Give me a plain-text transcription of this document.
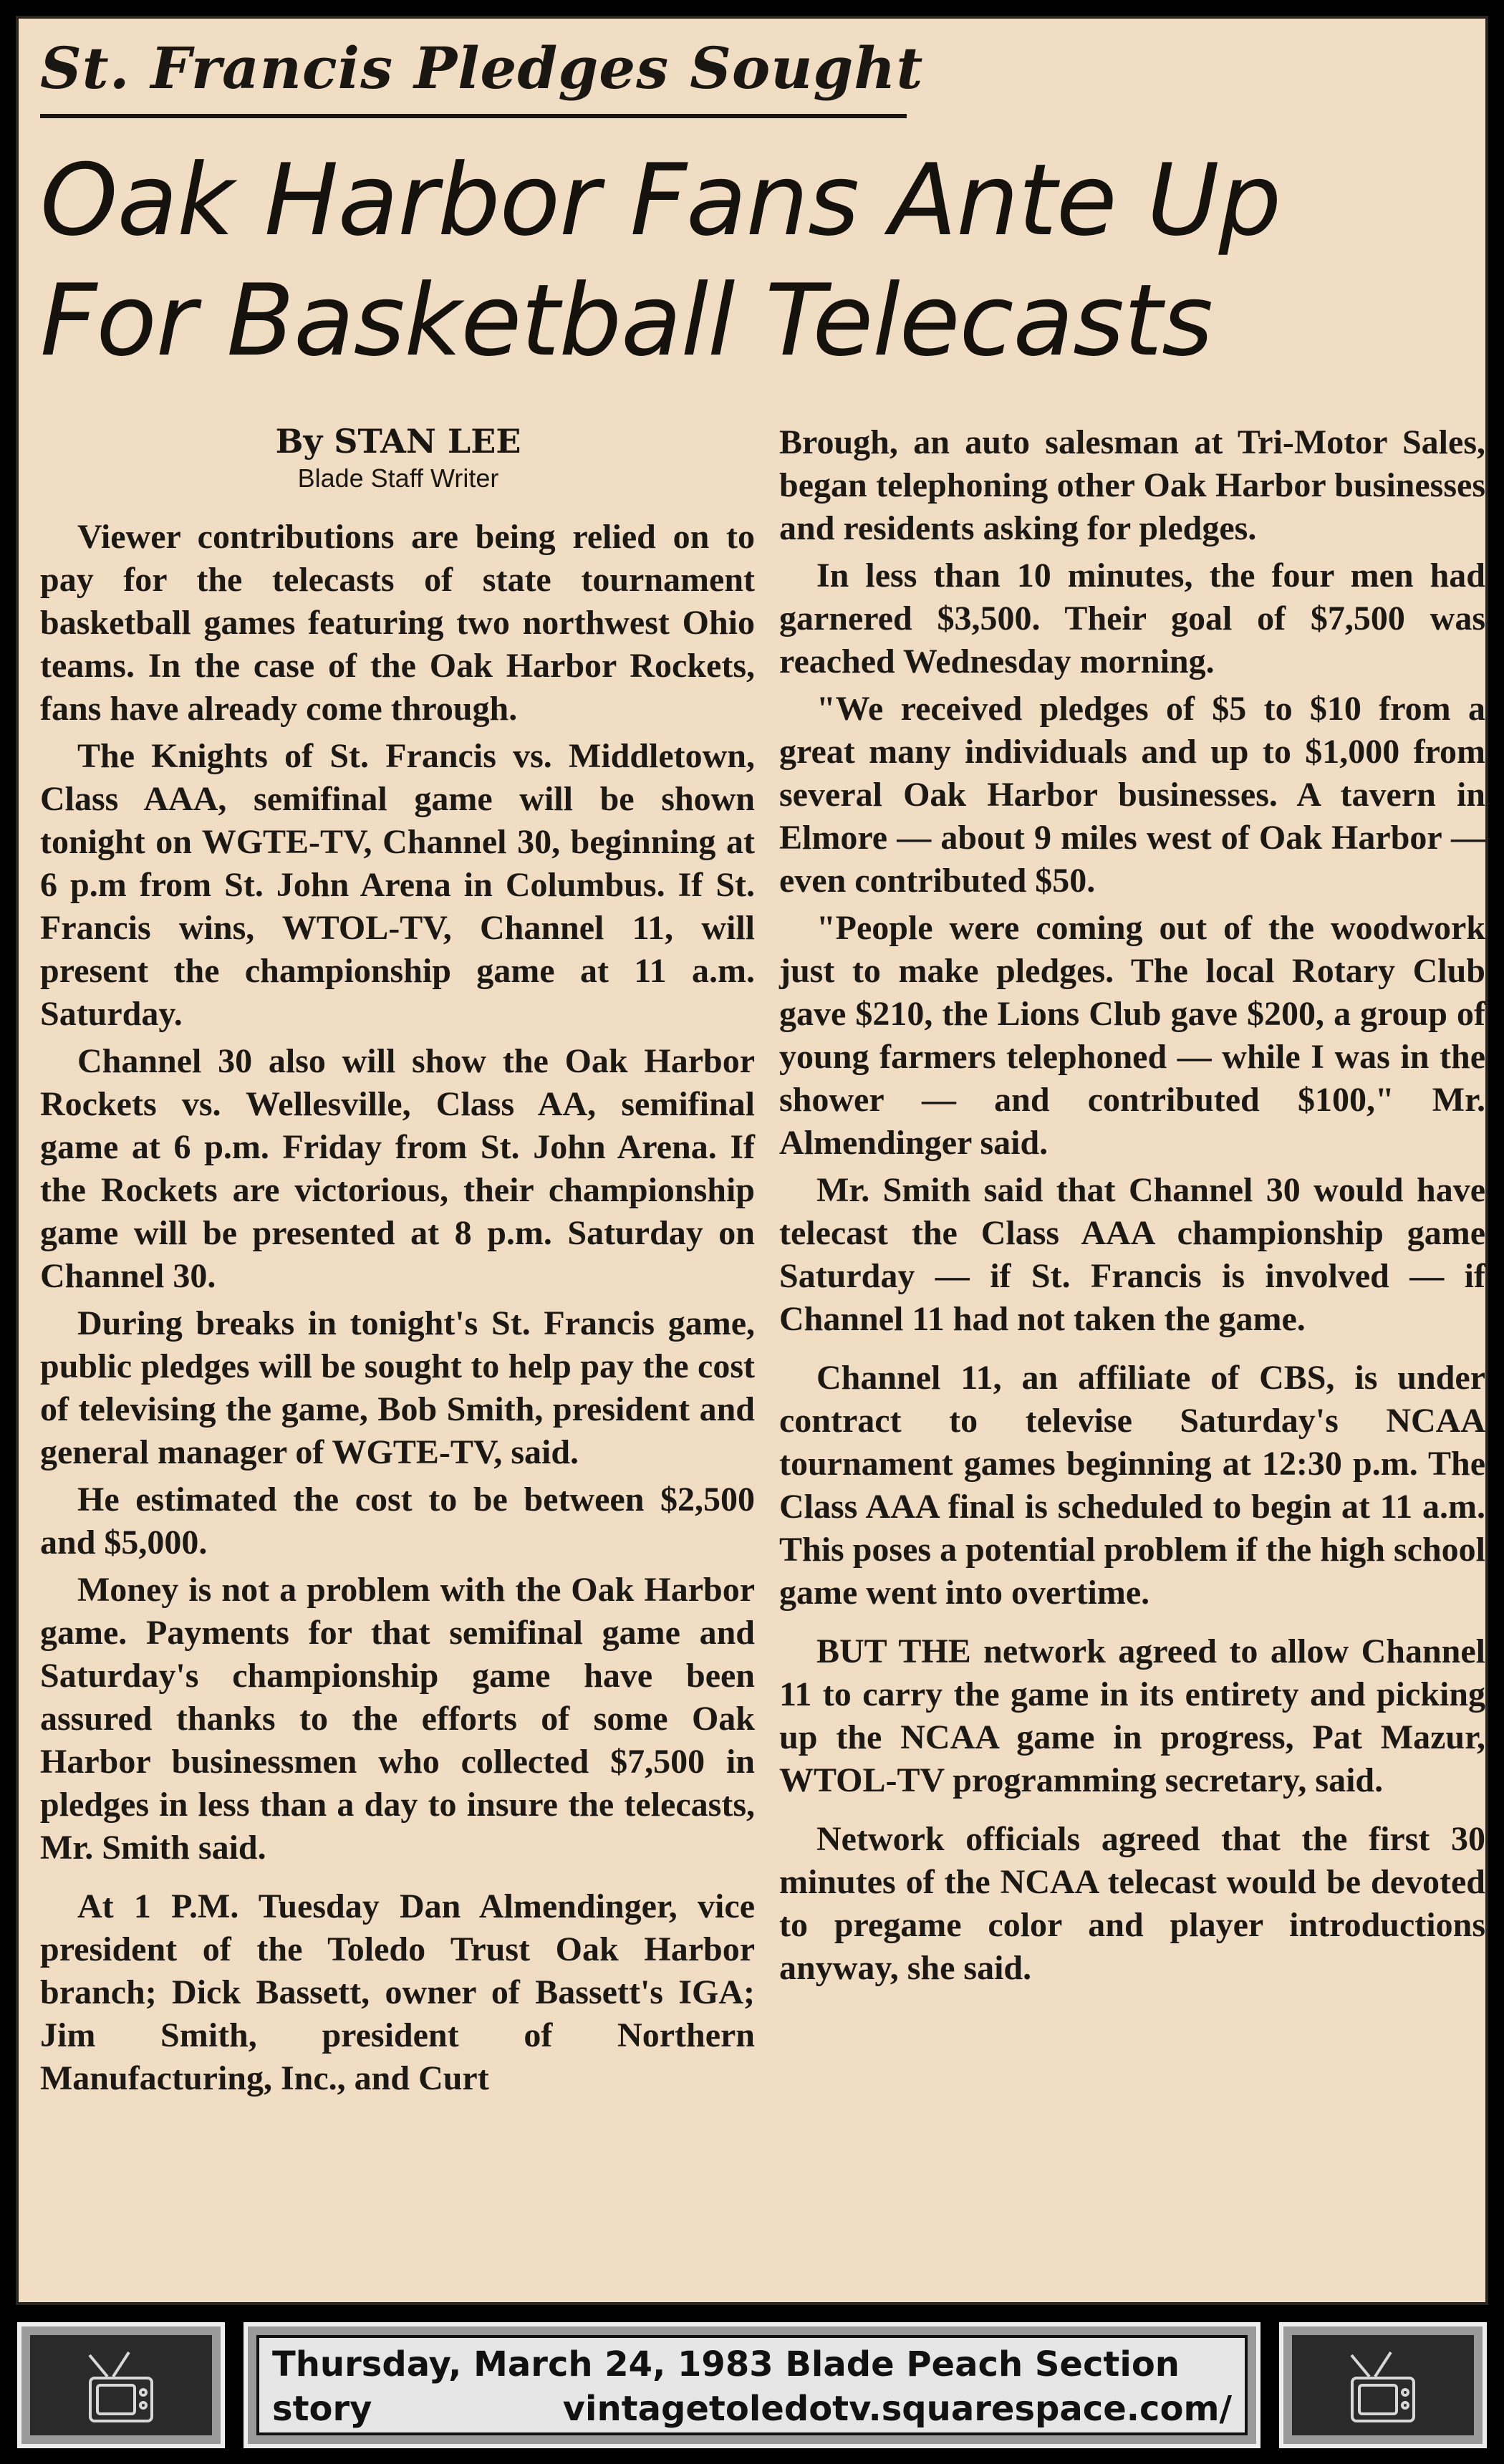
St. Francis Pledges Sought
Oak Harbor Fans Ante Up
For Basketball Telecasts
By STAN LEE
Blade Staff Writer

Viewer contributions are being relied on to pay for the telecasts of state tournament basketball games featuring two northwest Ohio teams. In the case of the Oak Harbor Rockets, fans have already come through.

The Knights of St. Francis vs. Middletown, Class AAA, semifinal game will be shown tonight on WGTE-TV, Channel 30, beginning at 6 p.m from St. John Arena in Columbus. If St. Francis wins, WTOL-TV, Channel 11, will present the championship game at 11 a.m. Saturday.

Channel 30 also will show the Oak Harbor Rockets vs. Wellesville, Class AA, semifinal game at 6 p.m. Friday from St. John Arena. If the Rockets are victorious, their championship game will be presented at 8 p.m. Saturday on Channel 30.

During breaks in tonight's St. Francis game, public pledges will be sought to help pay the cost of televising the game, Bob Smith, president and general manager of WGTE-TV, said.

He estimated the cost to be between $2,500 and $5,000.

Money is not a problem with the Oak Harbor game. Payments for that semifinal game and Saturday's championship game have been assured thanks to the efforts of some Oak Harbor businessmen who collected $7,500 in pledges in less than a day to insure the telecasts, Mr. Smith said.

At 1 P.M. Tuesday Dan Almendinger, vice president of the Toledo Trust Oak Harbor branch; Dick Bassett, owner of Bassett's IGA; Jim Smith, president of Northern Manufacturing, Inc., and Curt

Brough, an auto salesman at Tri-Motor Sales, began telephoning other Oak Harbor businesses and residents asking for pledges.

In less than 10 minutes, the four men had garnered $3,500. Their goal of $7,500 was reached Wednesday morning.

"We received pledges of $5 to $10 from a great many individuals and up to $1,000 from several Oak Harbor businesses. A tavern in Elmore — about 9 miles west of Oak Harbor — even contributed $50.

"People were coming out of the woodwork just to make pledges. The local Rotary Club gave $210, the Lions Club gave $200, a group of young farmers telephoned — while I was in the shower — and contributed $100," Mr. Almendinger said.

Mr. Smith said that Channel 30 would have telecast the Class AAA championship game Saturday — if St. Francis is involved — if Channel 11 had not taken the game.

Channel 11, an affiliate of CBS, is under contract to televise Saturday's NCAA tournament games beginning at 12:30 p.m. The Class AAA final is scheduled to begin at 11 a.m. This poses a potential problem if the high school game went into overtime.

BUT THE network agreed to allow Channel 11 to carry the game in its entirety and picking up the NCAA game in progress, Pat Mazur, WTOL-TV programming secretary, said.

Network officials agreed that the first 30 minutes of the NCAA telecast would be devoted to pregame color and player introductions anyway, she said.

Thursday, March 24, 1983 Blade Peach Section
story	vintagetoledotv.squarespace.com/
